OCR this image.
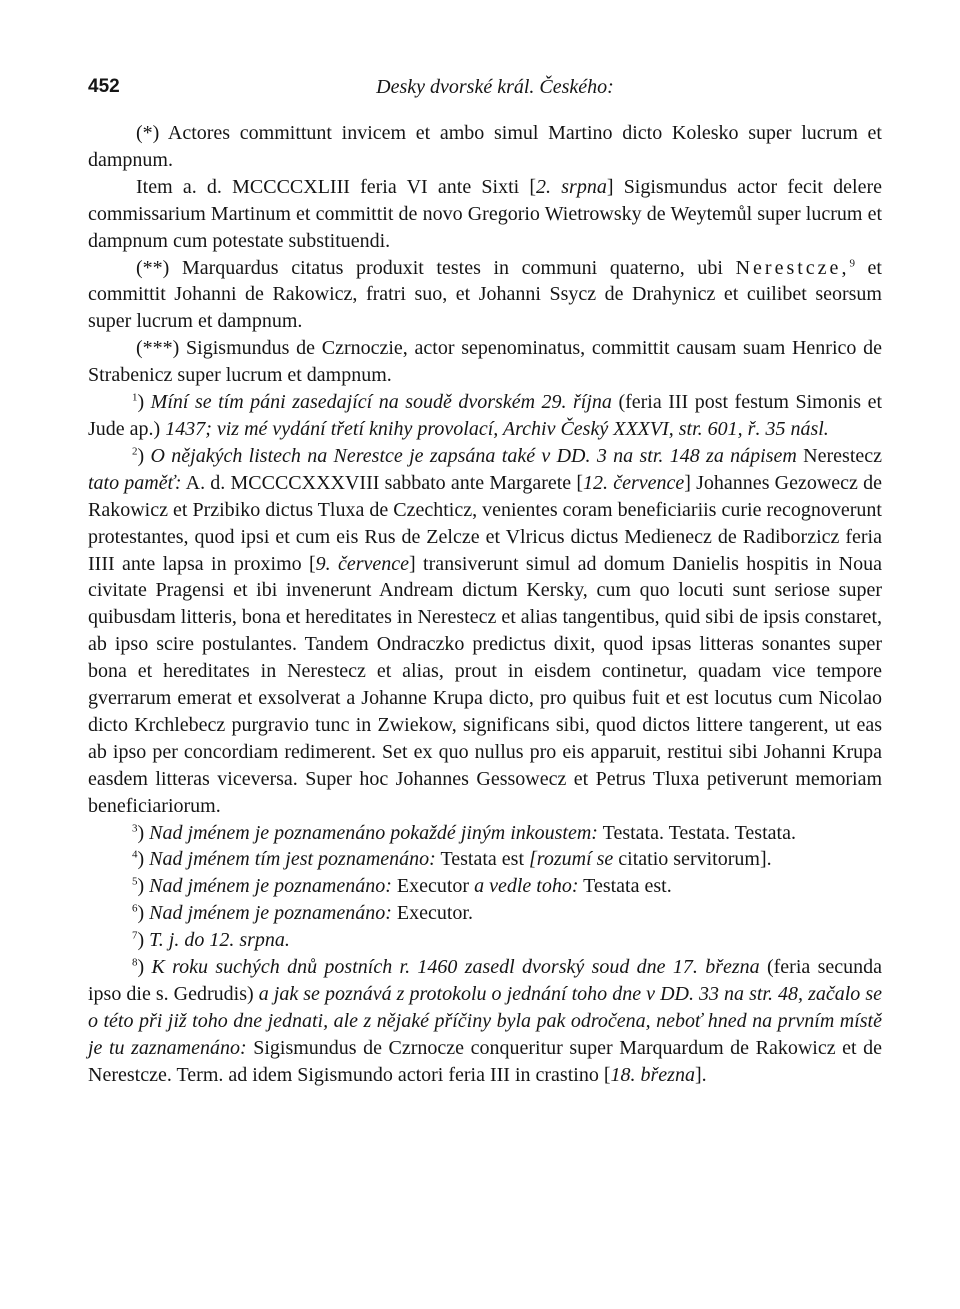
452	Desky dvorské král. Českého:

(*) Actores committunt invicem et ambo simul Martino dicto Kolesko super lucrum et dampnum.

Item a. d. MCCCCXLIII feria VI ante Sixti [2. srpna] Sigismundus actor fecit delere commissarium Martinum et committit de novo Gregorio Wietrowsky de Weytemůl super lucrum et dampnum cum potestate substituendi.

(**) Marquardus citatus produxit testes in communi quaterno, ubi Nerestcze,$^9$ et committit Johanni de Rakowicz, fratri suo, et Johanni Ssycz de Drahynicz et cuilibet seorsum super lucrum et dampnum.

(***) Sigismundus de Czrnoczie, actor sepenominatus, committit causam suam Henrico de Strabenicz super lucrum et dampnum.

$^1$) Míní se tím páni zasedající na soudě dvorském 29. října (feria III post festum Simonis et Jude ap.) 1437; viz mé vydání třetí knihy provolací, Archiv Český XXXVI, str. 601, ř. 35 násl.

$^2$) O nějakých listech na Nerestce je zapsána také v DD. 3 na str. 148 za nápisem Nerestecz tato paměť: A. d. MCCCCXXXVIII sabbato ante Margarete [12. července] Johannes Gezowecz de Rakowicz et Przibiko dictus Tluxa de Czechticz, venientes coram beneficiariis curie recognoverunt protestantes, quod ipsi et cum eis Rus de Zelcze et Vlricus dictus Medienecz de Radiborzicz feria IIII ante lapsa in proximo [9. července] transiverunt simul ad domum Danielis hospitis in Noua civitate Pragensi et ibi invenerunt Andream dictum Kersky, cum quo locuti sunt seriose super quibusdam litteris, bona et hereditates in Nerestecz et alias tangentibus, quid sibi de ipsis constaret, ab ipso scire postulantes. Tandem Ondraczko predictus dixit, quod ipsas litteras sonantes super bona et hereditates in Nerestecz et alias, prout in eisdem continetur, quadam vice tempore gverrarum emerat et exsolverat a Johanne Krupa dicto, pro quibus fuit et est locutus cum Nicolao dicto Krchlebecz purgravio tunc in Zwiekow, significans sibi, quod dictos littere tangerent, ut eas ab ipso per concordiam redimerent. Set ex quo nullus pro eis apparuit, restitui sibi Johanni Krupa easdem litteras viceversa. Super hoc Johannes Gessowecz et Petrus Tluxa petiverunt memoriam beneficiariorum.

$^3$) Nad jménem je poznamenáno pokaždé jiným inkoustem: Testata. Testata. Testata.

$^4$) Nad jménem tím jest poznamenáno: Testata est [rozumí se citatio servitorum].

$^5$) Nad jménem je poznamenáno: Executor a vedle toho: Testata est.

$^6$) Nad jménem je poznamenáno: Executor.

$^7$) T. j. do 12. srpna.

$^8$) K roku suchých dnů postních r. 1460 zasedl dvorský soud dne 17. března (feria secunda ipso die s. Gedrudis) a jak se poznává z protokolu o jednání toho dne v DD. 33 na str. 48, začalo se o této při již toho dne jednati, ale z nějaké příčiny byla pak odročena, neboť hned na prvním místě je tu zaznamenáno: Sigismundus de Czrnocze conqueritur super Marquardum de Rakowicz et de Nerestcze. Term. ad idem Sigismundo actori feria III in crastino [18. března].
